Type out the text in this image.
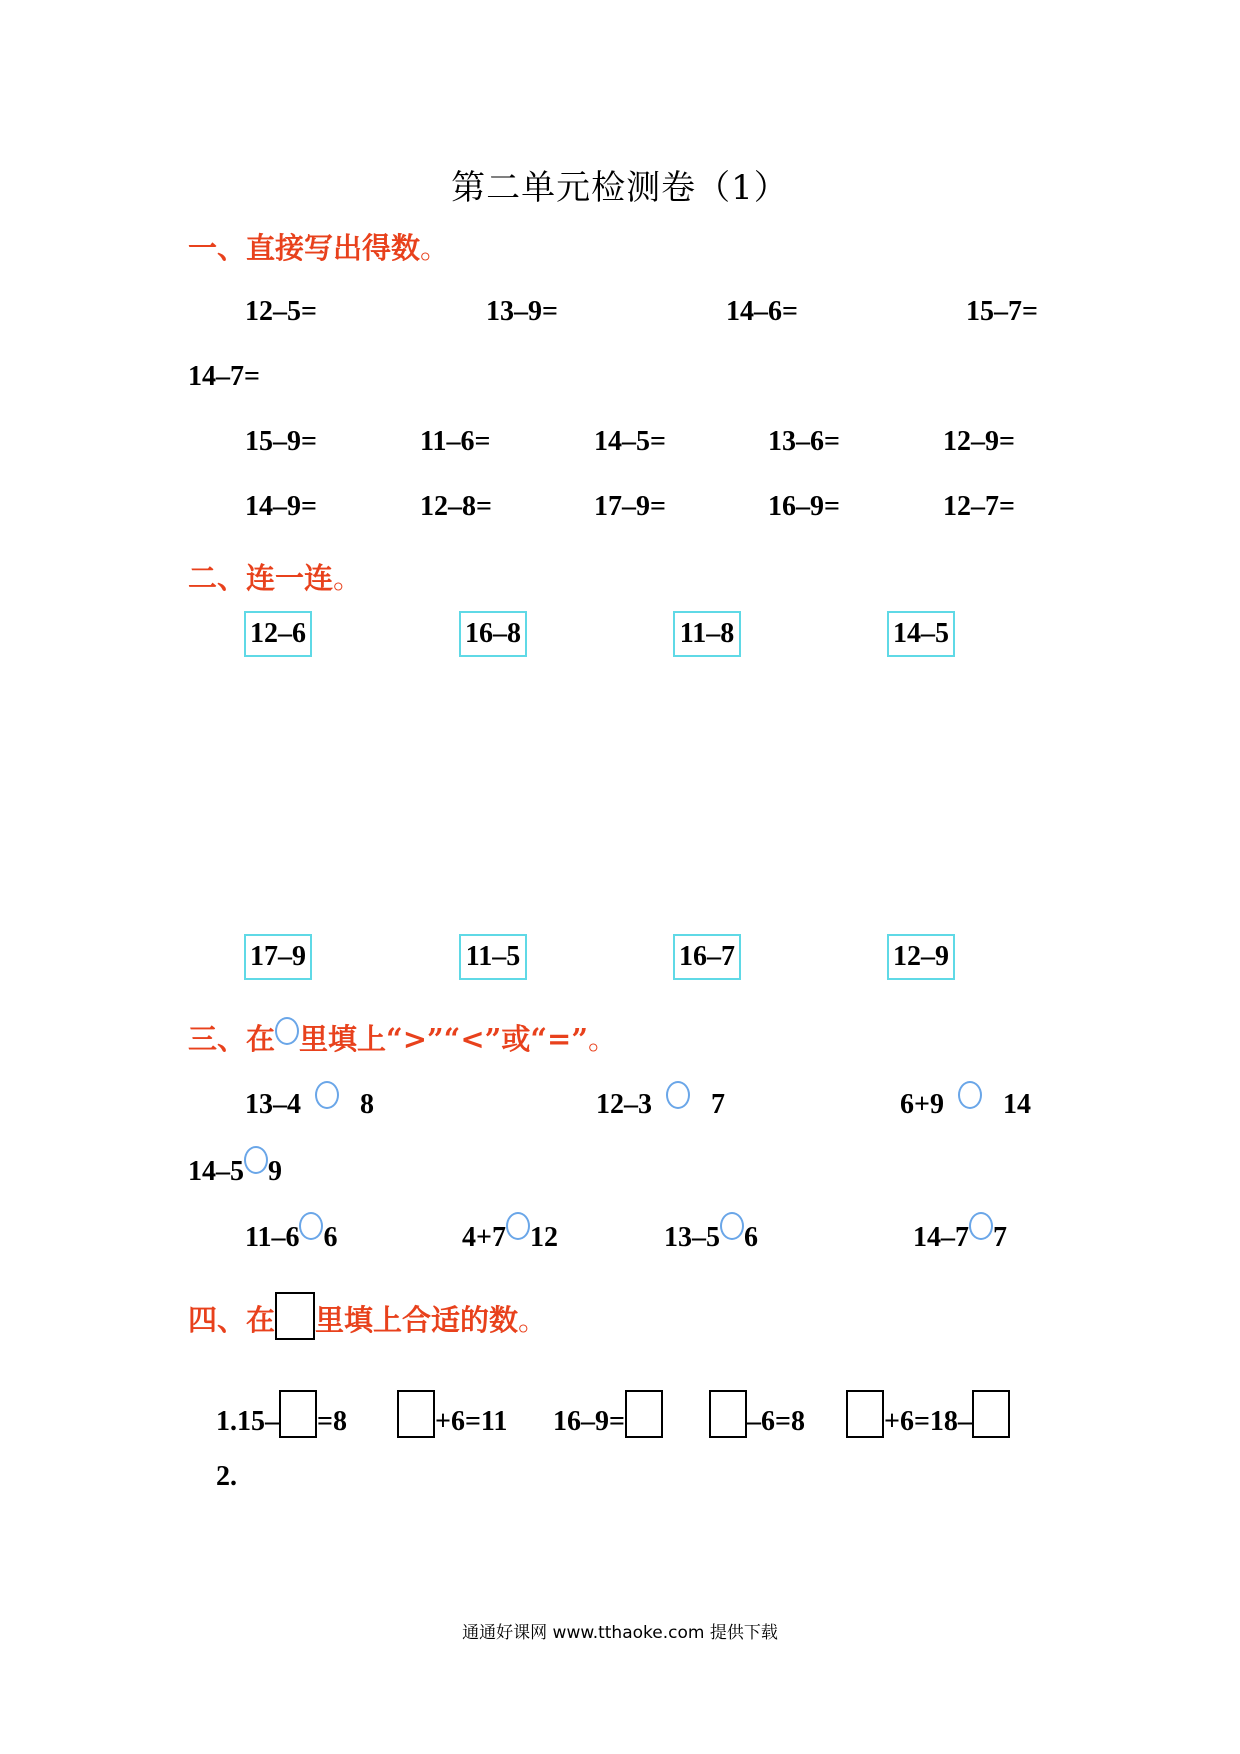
第二单元检测卷（1）
一、直接写出得数。
12–5=	13–9=	14–6=	15–7=
14–7=
15–9=	11–6=	14–5=	13–6=	12–9=
14–9=	12–8=	17–9=	16–9=	12–7=
二、连一连。
12–6	16–8	11–8	14–5
17–9	11–5	16–7	12–9
三、在 里填上“>”“<”或“=”。
13–4 8	12–3 7	6+9 14
14–5 9
11–6 6	4+7 12	13–5 6	14–7 7
四、在 里填上合适的数。
1.15– =8	+6=11 16–9=	–6=8	+6=18–
2.
通通好课网 www.tthaoke.com 提供下载
